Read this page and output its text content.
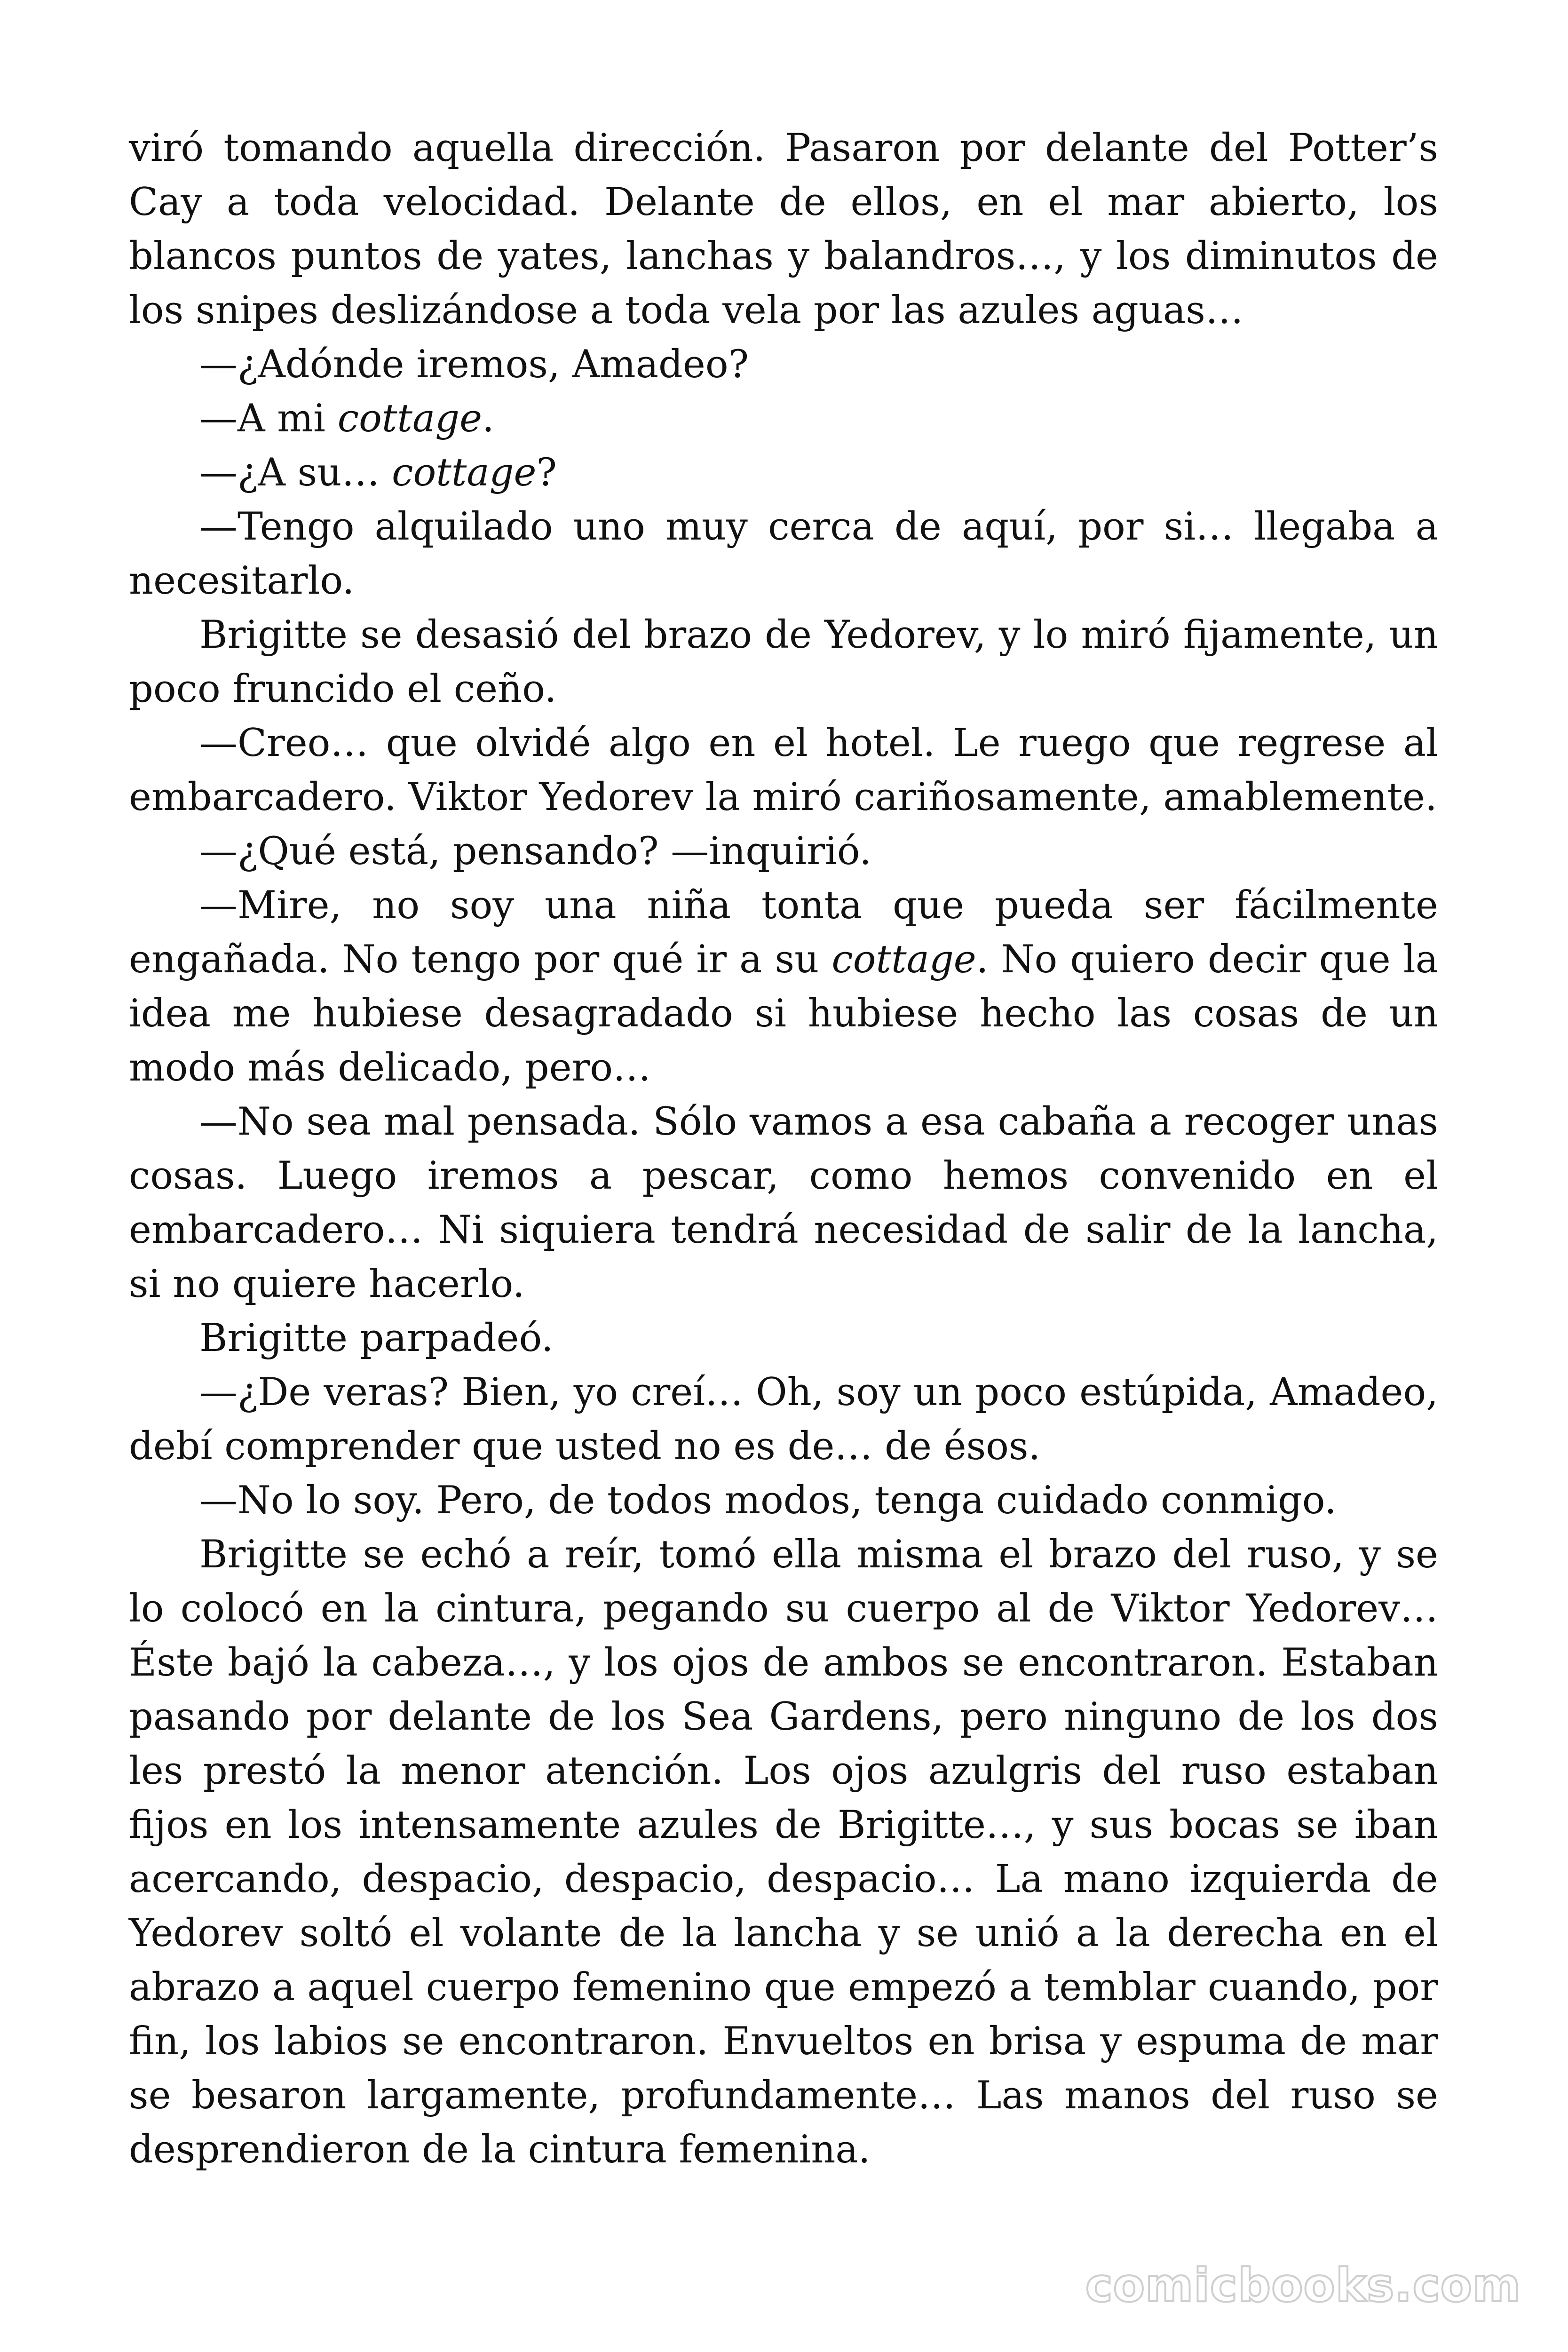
viró tomando aquella dirección. Pasaron por delante del Potter’s Cay a toda velocidad. Delante de ellos, en el mar abierto, los blancos puntos de yates, lanchas y balandros…, y los diminutos de los snipes deslizándose a toda vela por las azules aguas…

—¿Adónde iremos, Amadeo?

—A mi cottage.

—¿A su… cottage?

—Tengo alquilado uno muy cerca de aquí, por si… llegaba a necesitarlo.

Brigitte se desasió del brazo de Yedorev, y lo miró fijamente, un poco fruncido el ceño.

—Creo… que olvidé algo en el hotel. Le ruego que regrese al embarcadero. Viktor Yedorev la miró cariñosamente, amablemente.

—¿Qué está, pensando? —inquirió.

—Mire, no soy una niña tonta que pueda ser fácilmente engañada. No tengo por qué ir a su cottage. No quiero decir que la idea me hubiese desagradado si hubiese hecho las cosas de un modo más delicado, pero…

—No sea mal pensada. Sólo vamos a esa cabaña a recoger unas cosas. Luego iremos a pescar, como hemos convenido en el embarcadero… Ni siquiera tendrá necesidad de salir de la lancha, si no quiere hacerlo.

Brigitte parpadeó.

—¿De veras? Bien, yo creí… Oh, soy un poco estúpida, Amadeo, debí comprender que usted no es de… de ésos.

—No lo soy. Pero, de todos modos, tenga cuidado conmigo.

Brigitte se echó a reír, tomó ella misma el brazo del ruso, y se lo colocó en la cintura, pegando su cuerpo al de Viktor Yedorev… Éste bajó la cabeza…, y los ojos de ambos se encontraron. Estaban pasando por delante de los Sea Gardens, pero ninguno de los dos les prestó la menor atención. Los ojos azulgris del ruso estaban fijos en los intensamente azules de Brigitte…, y sus bocas se iban acercando, despacio, despacio, despacio… La mano izquierda de Yedorev soltó el volante de la lancha y se unió a la derecha en el abrazo a aquel cuerpo femenino que empezó a temblar cuando, por fin, los labios se encontraron. Envueltos en brisa y espuma de mar se besaron largamente, profundamente… Las manos del ruso se desprendieron de la cintura femenina.

comicbooks.com
